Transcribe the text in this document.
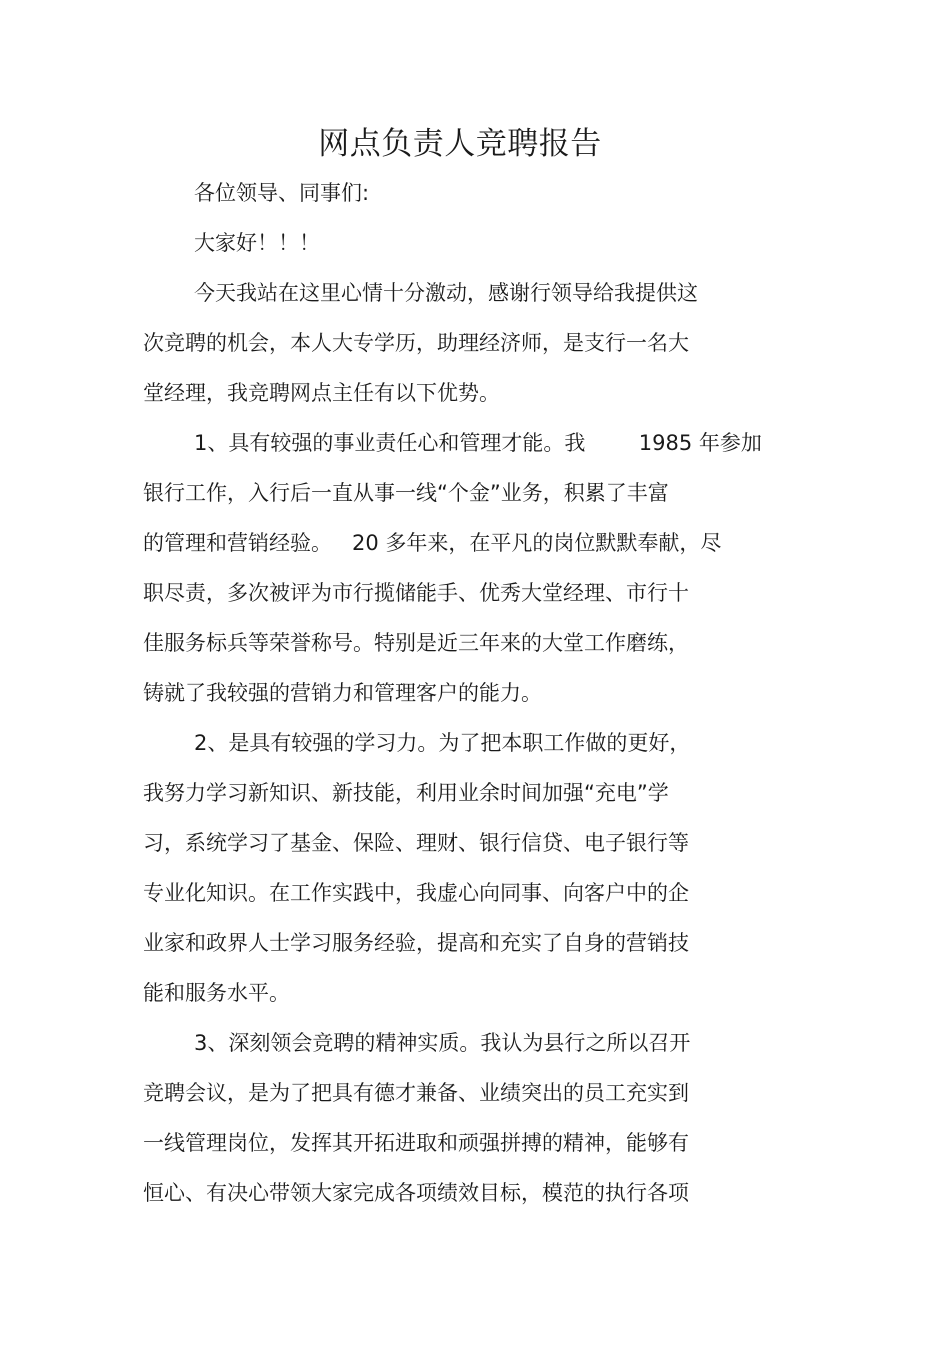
网点负责人竞聘报告
各位领导、同事们:
大家好！！！
今天我站在这里心情十分激动，感谢行领导给我提供这
次竞聘的机会，本人大专学历，助理经济师，是支行一名大
堂经理，我竞聘网点主任有以下优势。
1、具有较强的事业责任心和管理才能。我        1985 年参加
银行工作，入行后一直从事一线“个金”业务，积累了丰富
的管理和营销经验。   20 多年来，在平凡的岗位默默奉献，尽
职尽责，多次被评为市行揽储能手、优秀大堂经理、市行十
佳服务标兵等荣誉称号。特别是近三年来的大堂工作磨练，
铸就了我较强的营销力和管理客户的能力。
2、是具有较强的学习力。为了把本职工作做的更好，
我努力学习新知识、新技能，利用业余时间加强“充电”学
习，系统学习了基金、保险、理财、银行信贷、电子银行等
专业化知识。在工作实践中，我虚心向同事、向客户中的企
业家和政界人士学习服务经验，提高和充实了自身的营销技
能和服务水平。
3、深刻领会竞聘的精神实质。我认为县行之所以召开
竞聘会议，是为了把具有德才兼备、业绩突出的员工充实到
一线管理岗位，发挥其开拓进取和顽强拼搏的精神，能够有
恒心、有决心带领大家完成各项绩效目标，模范的执行各项
